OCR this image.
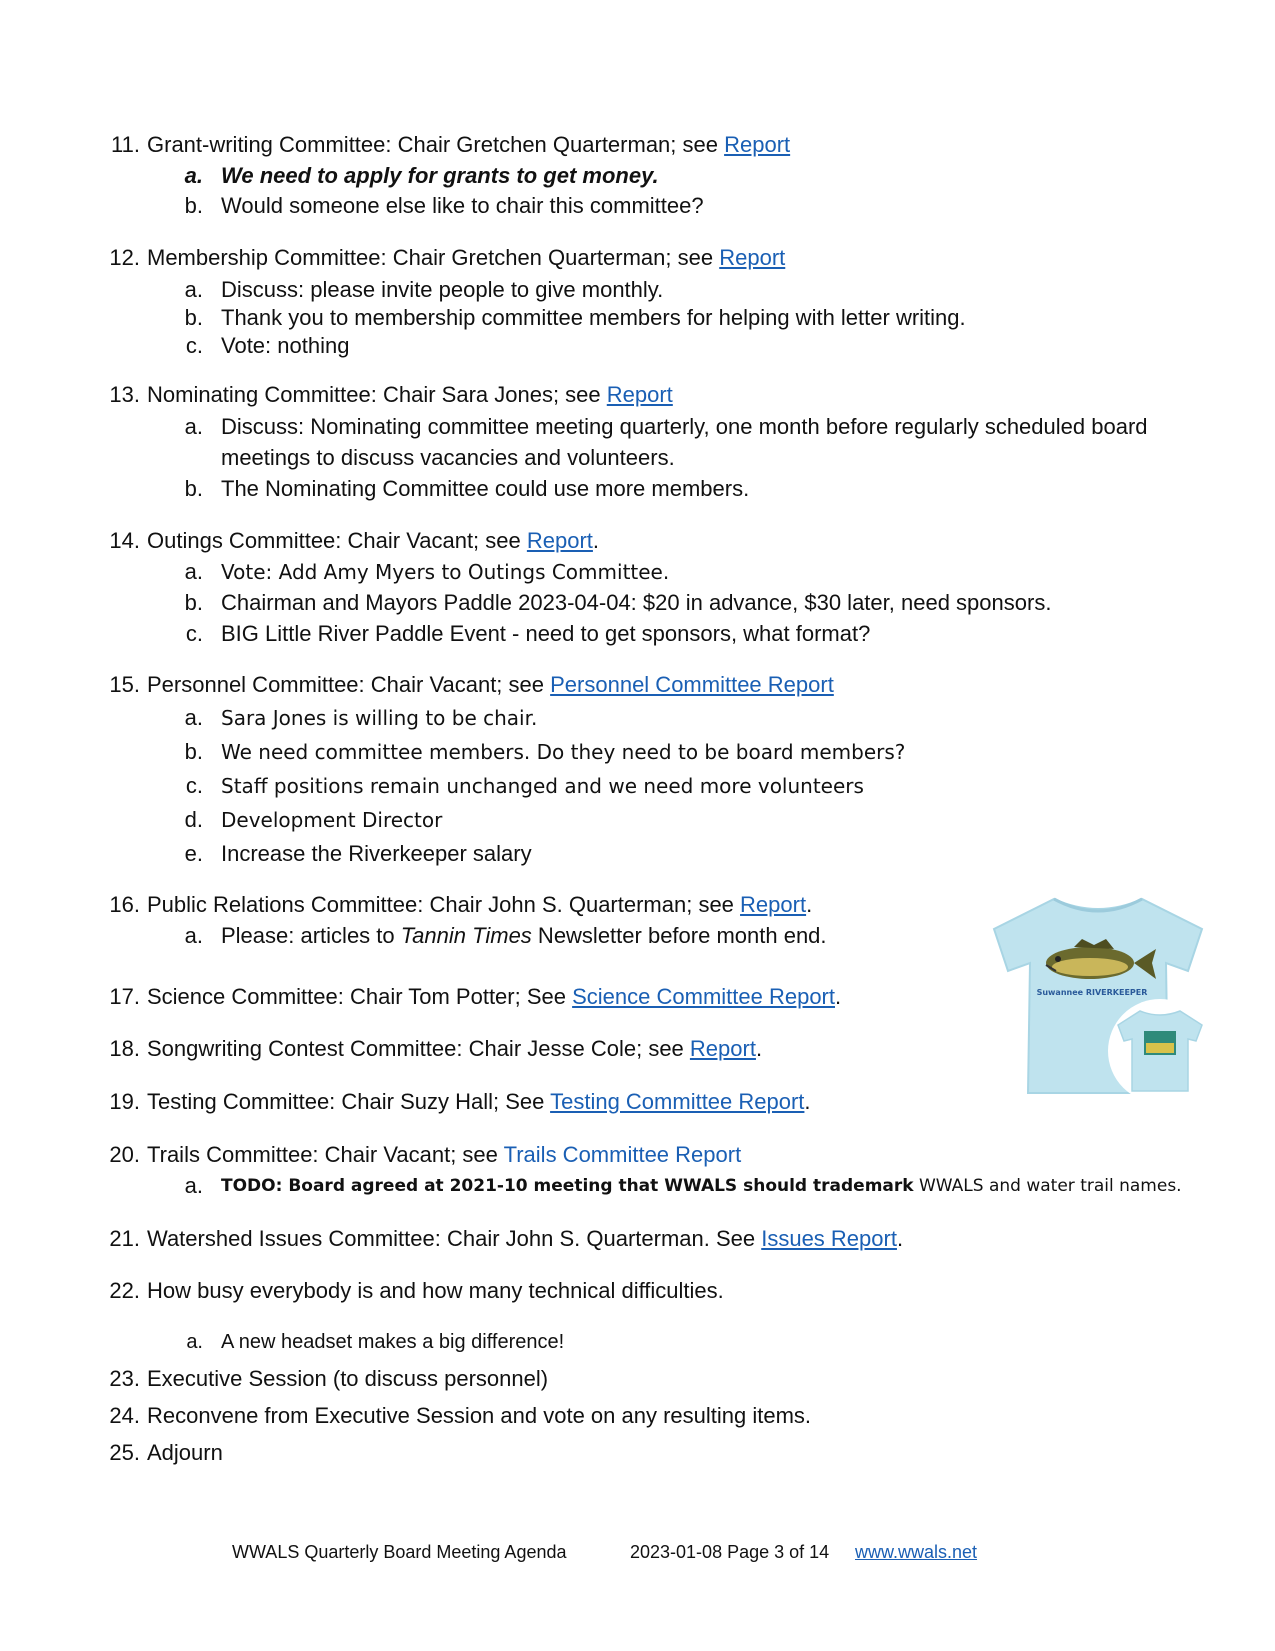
11. Grant-writing Committee: Chair Gretchen Quarterman; see Report
a. We need to apply for grants to get money.
b. Would someone else like to chair this committee?
12. Membership Committee: Chair Gretchen Quarterman; see Report
a. Discuss: please invite people to give monthly.
b. Thank you to membership committee members for helping with letter writing.
c. Vote: nothing
13. Nominating Committee: Chair Sara Jones; see Report
a. Discuss: Nominating committee meeting quarterly, one month before regularly scheduled board
meetings to discuss vacancies and volunteers.
b. The Nominating Committee could use more members.
14. Outings Committee: Chair Vacant; see Report.
a. Vote: Add Amy Myers to Outings Committee.
b. Chairman and Mayors Paddle 2023-04-04: $20 in advance, $30 later, need sponsors.
c. BIG Little River Paddle Event - need to get sponsors, what format?
15. Personnel Committee: Chair Vacant; see Personnel Committee Report
a. Sara Jones is willing to be chair.
b. We need committee members. Do they need to be board members?
c. Staff positions remain unchanged and we need more volunteers
d. Development Director
e. Increase the Riverkeeper salary
16. Public Relations Committee: Chair John S. Quarterman; see Report.
a. Please: articles to Tannin Times Newsletter before month end.
17. Science Committee: Chair Tom Potter; See Science Committee Report.
18. Songwriting Contest Committee: Chair Jesse Cole; see Report.
19. Testing Committee: Chair Suzy Hall; See Testing Committee Report.
20. Trails Committee: Chair Vacant; see Trails Committee Report
a. TODO: Board agreed at 2021-10 meeting that WWALS should trademark WWALS and water trail names.
21. Watershed Issues Committee: Chair John S. Quarterman. See Issues Report.
22. How busy everybody is and how many technical difficulties.
a. A new headset makes a big difference!
23. Executive Session (to discuss personnel)
24. Reconvene from Executive Session and vote on any resulting items.
25. Adjourn
Suwannee RIVERKEEPER
WWALS Quarterly Board Meeting Agenda	2023-01-08 Page 3 of 14 www.wwals.net
